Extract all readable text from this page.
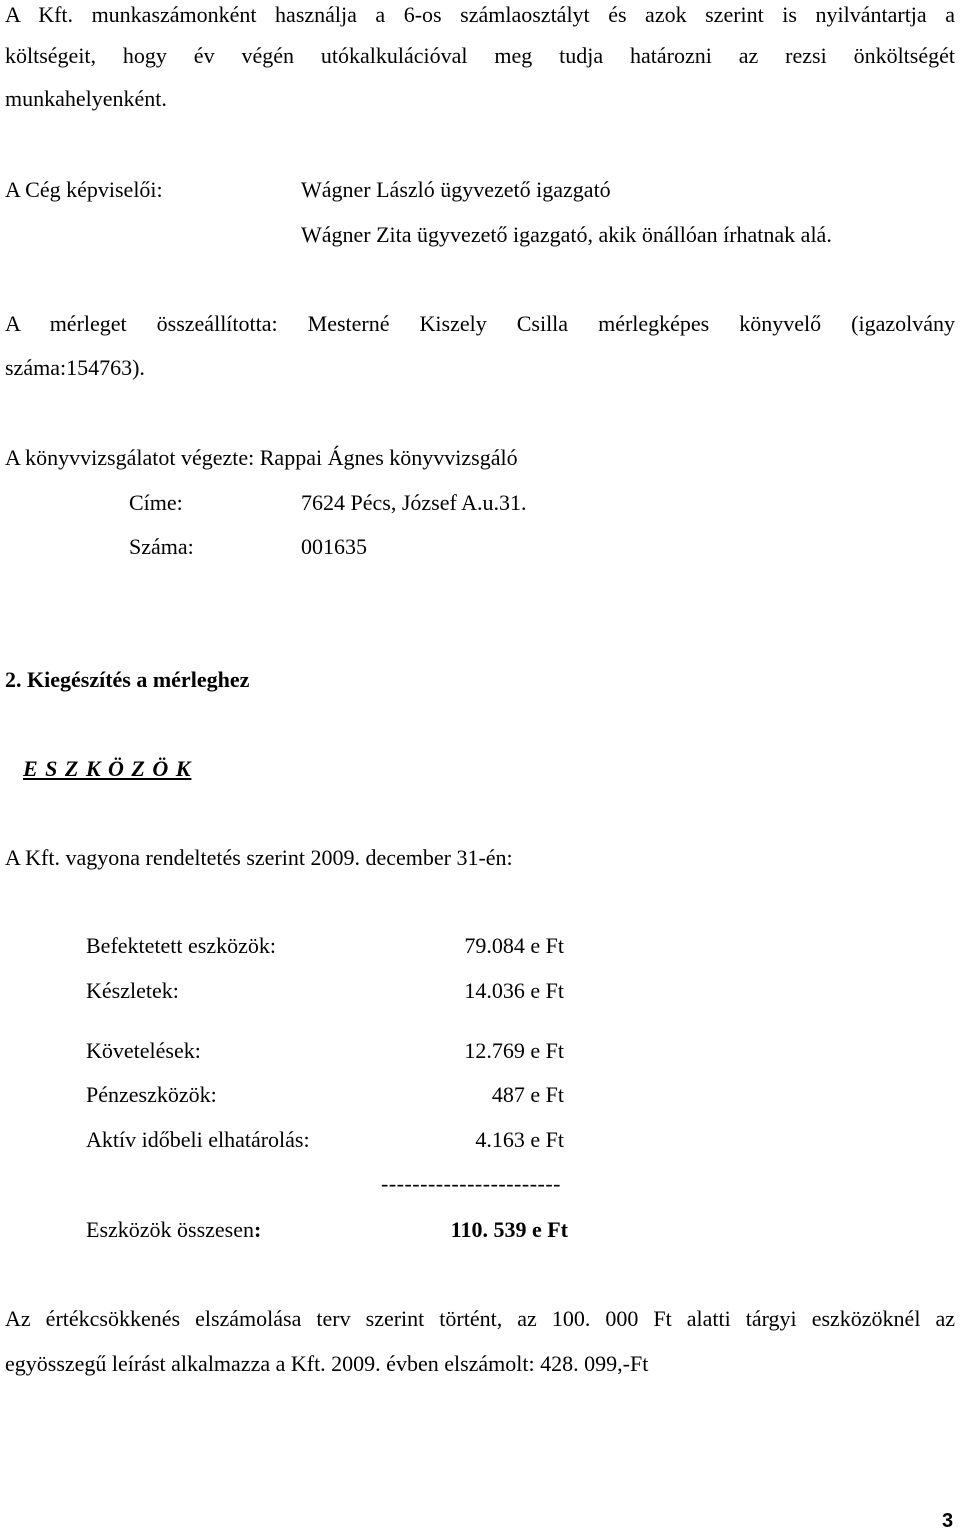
A Kft. munkaszámonként használja a 6-os számlaosztályt és azok szerint is nyilvántartja a
költségeit, hogy év végén utókalkulációval meg tudja határozni az rezsi önköltségét
munkahelyenként.
A Cég képviselői:	Wágner László ügyvezető igazgató
Wágner Zita ügyvezető igazgató, akik önállóan írhatnak alá.
A mérleget összeállította: Mesterné Kiszely Csilla mérlegképes könyvelő (igazolvány
száma:154763).
A könyvvizsgálatot végezte: Rappai Ágnes könyvvizsgáló
Címe:	7624 Pécs, József A.u.31.
Száma:	001635
2. Kiegészítés a mérleghez
E S Z K Ö Z Ö K
A Kft. vagyona rendeltetés szerint 2009. december 31-én:
Befektetett eszközök:	79.084 e Ft
Készletek:	14.036 e Ft
Követelések:	12.769 e Ft
Pénzeszközök:	487 e Ft
Aktív időbeli elhatárolás:	4.163 e Ft
-----------------------
Eszközök összesen:	110. 539 e Ft
Az értékcsökkenés elszámolása terv szerint történt, az 100. 000 Ft alatti tárgyi eszközöknél az
egyösszegű leírást alkalmazza a Kft. 2009. évben elszámolt: 428. 099,-Ft
3
